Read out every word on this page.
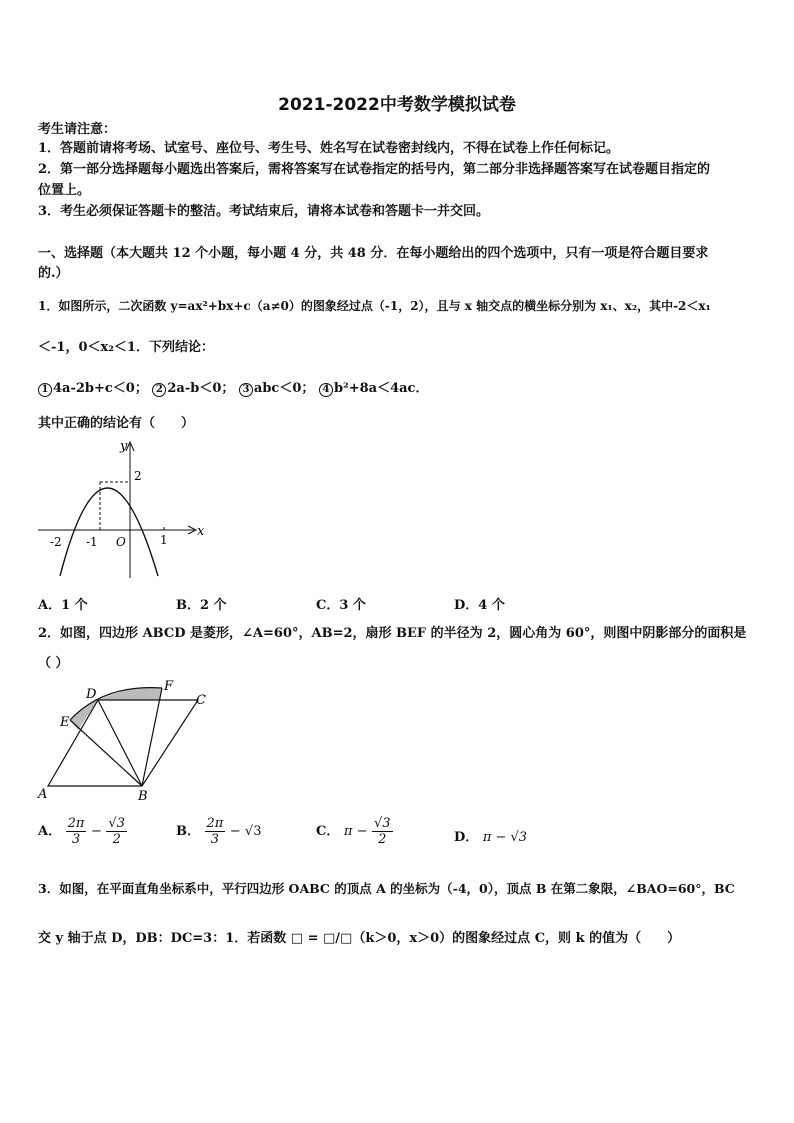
2021-2022中考数学模拟试卷
考生请注意：
1．答题前请将考场、试室号、座位号、考生号、姓名写在试卷密封线内，不得在试卷上作任何标记。
2．第一部分选择题每小题选出答案后，需将答案写在试卷指定的括号内，第二部分非选择题答案写在试卷题目指定的
位置上。
3．考生必须保证答题卡的整洁。考试结束后，请将本试卷和答题卡一并交回。
一、选择题（本大题共 12 个小题，每小题 4 分，共 48 分．在每小题给出的四个选项中，只有一项是符合题目要求
的.）
1．如图所示，二次函数 y=ax²+bx+c（a≠0）的图象经过点（-1，2），且与 x 轴交点的横坐标分别为 x₁、x₂，其中-2＜x₁
＜-1，0＜x₂＜1．下列结论：
1 4a-2b+c＜0； 2 2a-b＜0； 3 abc＜0； 4 b²+8a＜4ac．
其中正确的结论有（　　）
y
x
2
-2 -1 O	1
A．1 个	B．2 个	C．3 个	D．4 个
2．如图，四边形 ABCD 是菱形，∠A=60°，AB=2，扇形 BEF 的半径为 2，圆心角为 60°，则图中阴影部分的面积是
（ ）
D
F
C
E
A	B
A． $\frac{2\pi}{3} - \frac{√3}{2}$	B． $\frac{2\pi}{3} - √3$	C． $\pi - \frac{√3}{2}$	D． π − √3
3．如图，在平面直角坐标系中，平行四边形 OABC 的顶点 A 的坐标为（-4，0），顶点 B 在第二象限，∠BAO=60°，BC
交 y 轴于点 D，DB：DC=3：1．若函数 □ = □/□（k＞0，x＞0）的图象经过点 C，则 k 的值为（　　）
